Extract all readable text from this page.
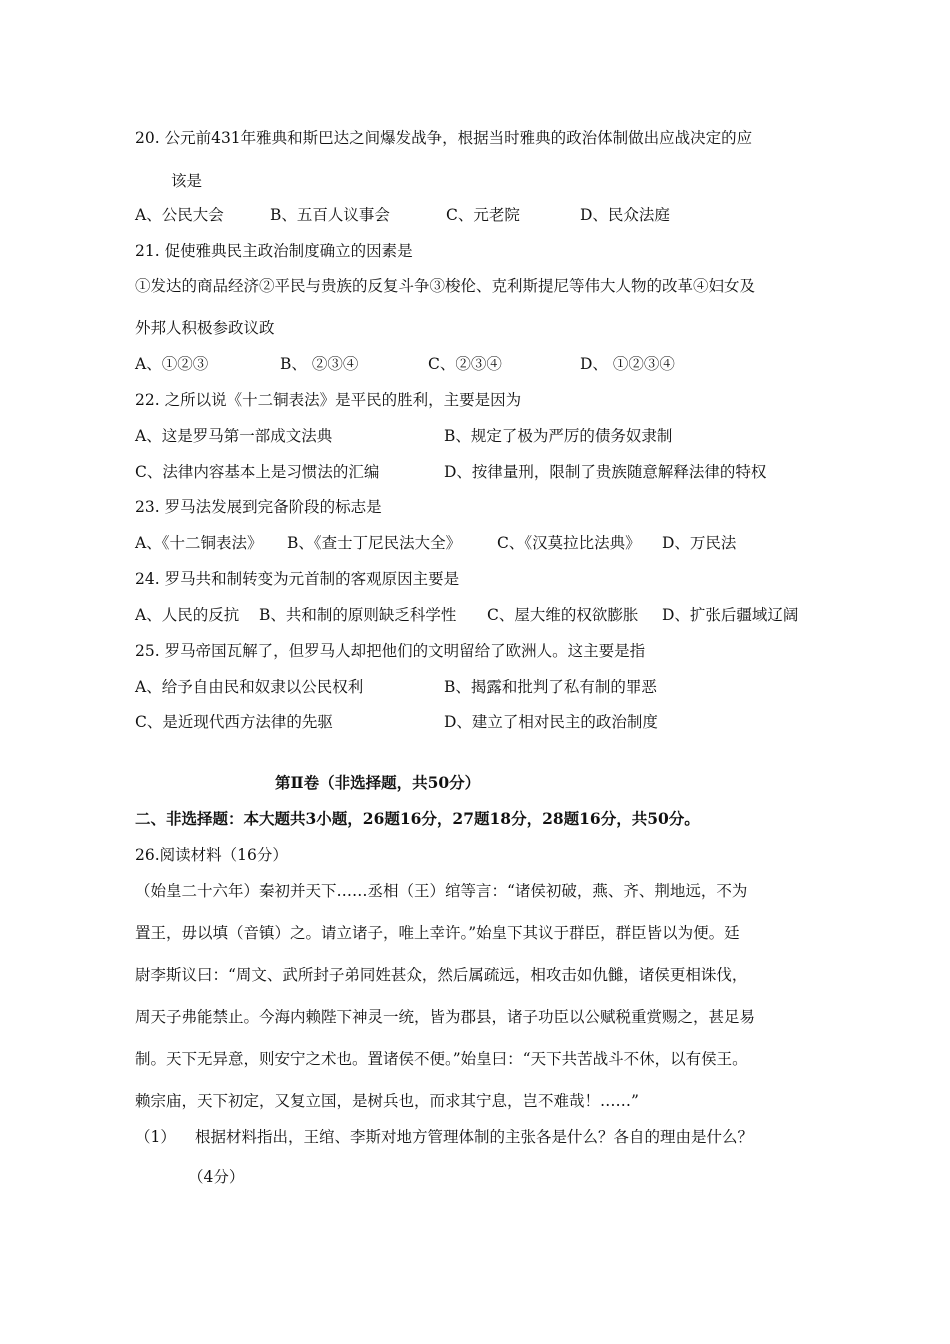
20. 公元前431年雅典和斯巴达之间爆发战争，根据当时雅典的政治体制做出应战决定的应
该是
A、公民大会	B、五百人议事会	C、元老院	D、民众法庭
21. 促使雅典民主政治制度确立的因素是
①发达的商品经济②平民与贵族的反复斗争③梭伦、克利斯提尼等伟大人物的改革④妇女及
外邦人积极参政议政
A、①②③	B、 ②③④	C、②③④	D、 ①②③④
22. 之所以说《十二铜表法》是平民的胜利，主要是因为
A、这是罗马第一部成文法典	B、规定了极为严厉的债务奴隶制
C、法律内容基本上是习惯法的汇编	D、按律量刑，限制了贵族随意解释法律的特权
23. 罗马法发展到完备阶段的标志是
A、《十二铜表法》 B、《查士丁尼民法大全》 C、《汉莫拉比法典》 D、万民法
24. 罗马共和制转变为元首制的客观原因主要是
A、人民的反抗 B、共和制的原则缺乏科学性 C、屋大维的权欲膨胀 D、扩张后疆域辽阔
25. 罗马帝国瓦解了，但罗马人却把他们的文明留给了欧洲人。这主要是指
A、给予自由民和奴隶以公民权利	B、揭露和批判了私有制的罪恶
C、是近现代西方法律的先驱	D、建立了相对民主的政治制度
第Ⅱ卷（非选择题，共50分）
二、非选择题：本大题共3小题，26题16分，27题18分，28题16分，共50分。
26.阅读材料（16分）
（始皇二十六年）秦初并天下……丞相（王）绾等言：“诸侯初破，燕、齐、荆地远，不为
置王，毋以填（音镇）之。请立诸子，唯上幸许。”始皇下其议于群臣，群臣皆以为便。廷
尉李斯议曰：“周文、武所封子弟同姓甚众，然后属疏远，相攻击如仇雠，诸侯更相诛伐，
周天子弗能禁止。今海内赖陛下神灵一统，皆为郡县，诸子功臣以公赋税重赏赐之，甚足易
制。天下无异意，则安宁之术也。置诸侯不便。”始皇曰：“天下共苦战斗不休，以有侯王。
赖宗庙，天下初定，又复立国，是树兵也，而求其宁息，岂不难哉！……”
（1） 根据材料指出，王绾、李斯对地方管理体制的主张各是什么？各自的理由是什么？
（4分）
